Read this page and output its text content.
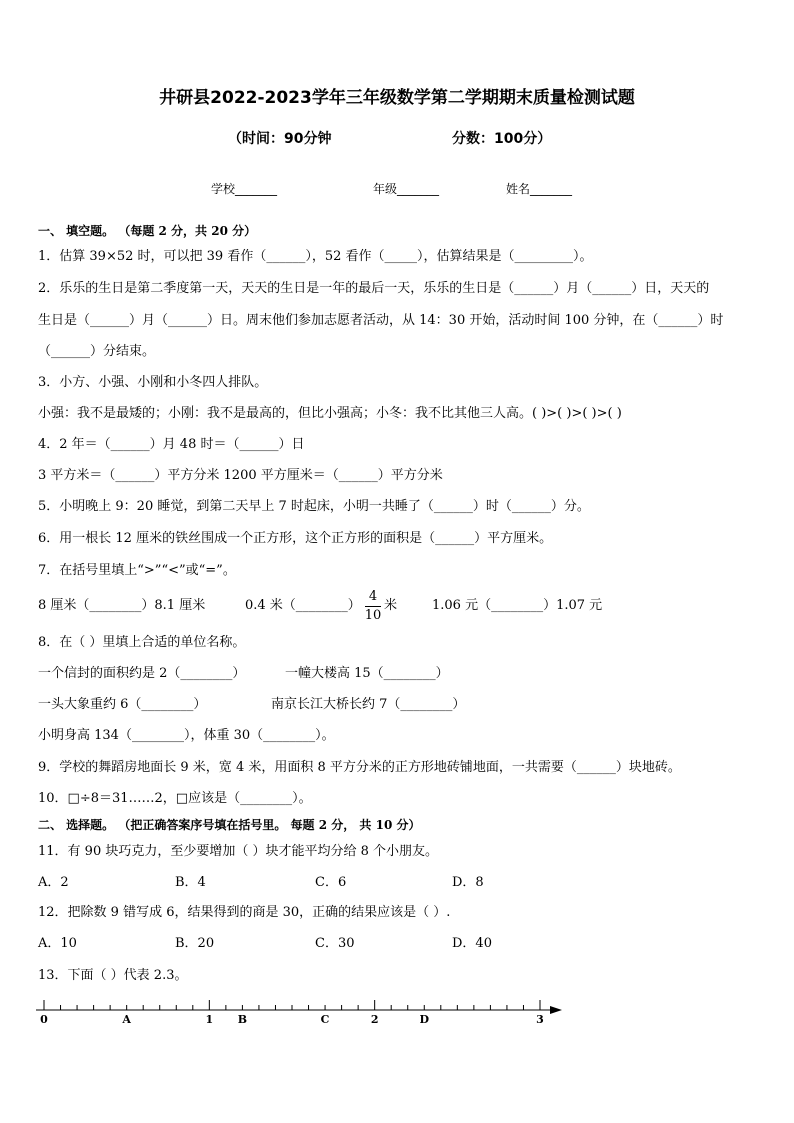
井研县2022-2023学年三年级数学第二学期期末质量检测试题
（时间：90分钟	分数：100分）
学校_______	年级_______	姓名_______
一、 填空题。 （每题 2 分，共 20 分）
1．估算 39×52 时，可以把 39 看作（______），52 看作（_____），估算结果是（_________）。
2．乐乐的生日是第二季度第一天，天天的生日是一年的最后一天，乐乐的生日是（______）月（______）日，天天的
生日是（______）月（______）日。周末他们参加志愿者活动，从 14：30 开始，活动时间 100 分钟，在（______）时
（______）分结束。
3．小方、小强、小刚和小冬四人排队。
小强：我不是最矮的；小刚：我不是最高的，但比小强高；小冬：我不比其他三人高。( )>( )>( )>( )
4．2 年＝（______）月 48 时＝（______）日
3 平方米＝（______）平方分米 1200 平方厘米＝（______）平方分米
5．小明晚上 9：20 睡觉，到第二天早上 7 时起床，小明一共睡了（______）时（______）分。
6．用一根长 12 厘米的铁丝围成一个正方形，这个正方形的面积是（______）平方厘米。
7．在括号里填上“>”“<”或“=”。
8 厘米（________）8.1 厘米	0.4 米（________）
4
10
米	1.06 元（________）1.07 元
8．在（ ）里填上合适的单位名称。
一个信封的面积约是 2（________）	一幢大楼高 15（________）
一头大象重约 6（________）	南京长江大桥长约 7（________）
小明身高 134（________），体重 30（________）。
9．学校的舞蹈房地面长 9 米，宽 4 米，用面积 8 平方分米的正方形地砖铺地面，一共需要（______）块地砖。
10．□÷8＝31……2，□应该是（________）。
二、 选择题。 （把正确答案序号填在括号里。 每题 2 分， 共 10 分）
11．有 90 块巧克力，至少要增加（ ）块才能平均分给 8 个小朋友。
A．2	B．4	C．6	D．8
12．把除数 9 错写成 6，结果得到的商是 30，正确的结果应该是（ ）.
A．10	B．20	C．30	D．40
13．下面（ ）代表 2.3。
0	1	2	3
A	B	C	D
